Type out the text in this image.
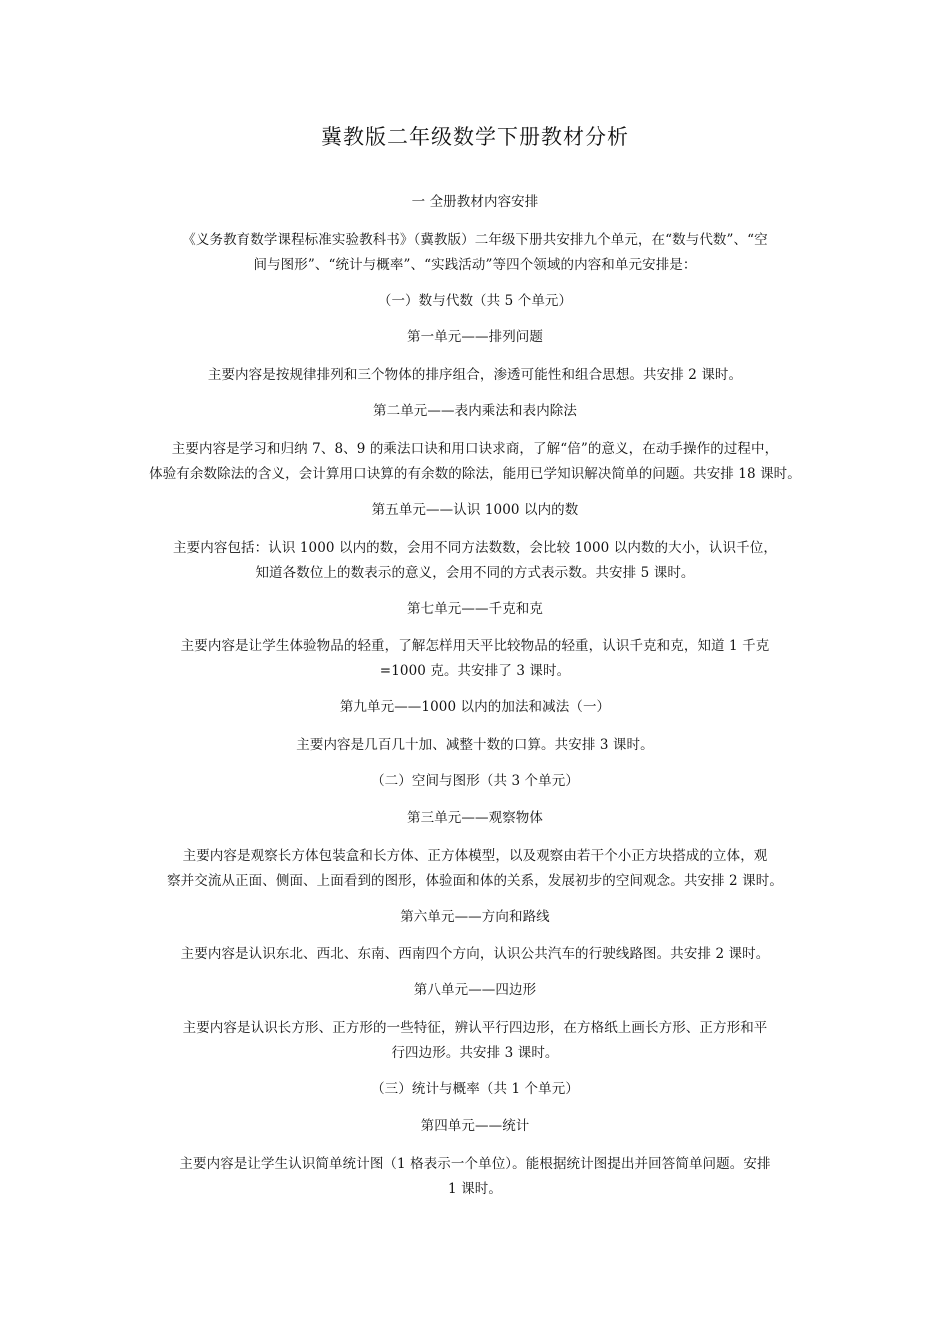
冀教版二年级数学下册教材分析
一 全册教材内容安排
《义务教育数学课程标准实验教科书》（冀教版）二年级下册共安排九个单元，在“数与代数”、“空
间与图形”、“统计与概率”、“实践活动”等四个领域的内容和单元安排是：
（一）数与代数（共 5 个单元）
第一单元——排列问题
主要内容是按规律排列和三个物体的排序组合，渗透可能性和组合思想。共安排 2 课时。
第二单元——表内乘法和表内除法
主要内容是学习和归纳 7、8、9 的乘法口诀和用口诀求商，了解“倍”的意义，在动手操作的过程中，
体验有余数除法的含义，会计算用口诀算的有余数的除法，能用已学知识解决简单的问题。共安排 18 课时。
第五单元——认识 1000 以内的数
主要内容包括：认识 1000 以内的数，会用不同方法数数，会比较 1000 以内数的大小，认识千位，
知道各数位上的数表示的意义，会用不同的方式表示数。共安排 5 课时。
第七单元——千克和克
主要内容是让学生体验物品的轻重，了解怎样用天平比较物品的轻重，认识千克和克，知道 1 千克
=1000 克。共安排了 3 课时。
第九单元——1000 以内的加法和减法（一）
主要内容是几百几十加、减整十数的口算。共安排 3 课时。
（二）空间与图形（共 3 个单元）
第三单元——观察物体
主要内容是观察长方体包装盒和长方体、正方体模型，以及观察由若干个小正方块搭成的立体，观
察并交流从正面、侧面、上面看到的图形，体验面和体的关系，发展初步的空间观念。共安排 2 课时。
第六单元——方向和路线
主要内容是认识东北、西北、东南、西南四个方向，认识公共汽车的行驶线路图。共安排 2 课时。
第八单元——四边形
主要内容是认识长方形、正方形的一些特征，辨认平行四边形，在方格纸上画长方形、正方形和平
行四边形。共安排 3 课时。
（三）统计与概率（共 1 个单元）
第四单元——统计
主要内容是让学生认识简单统计图（1 格表示一个单位）。能根据统计图提出并回答简单问题。安排
1 课时。
